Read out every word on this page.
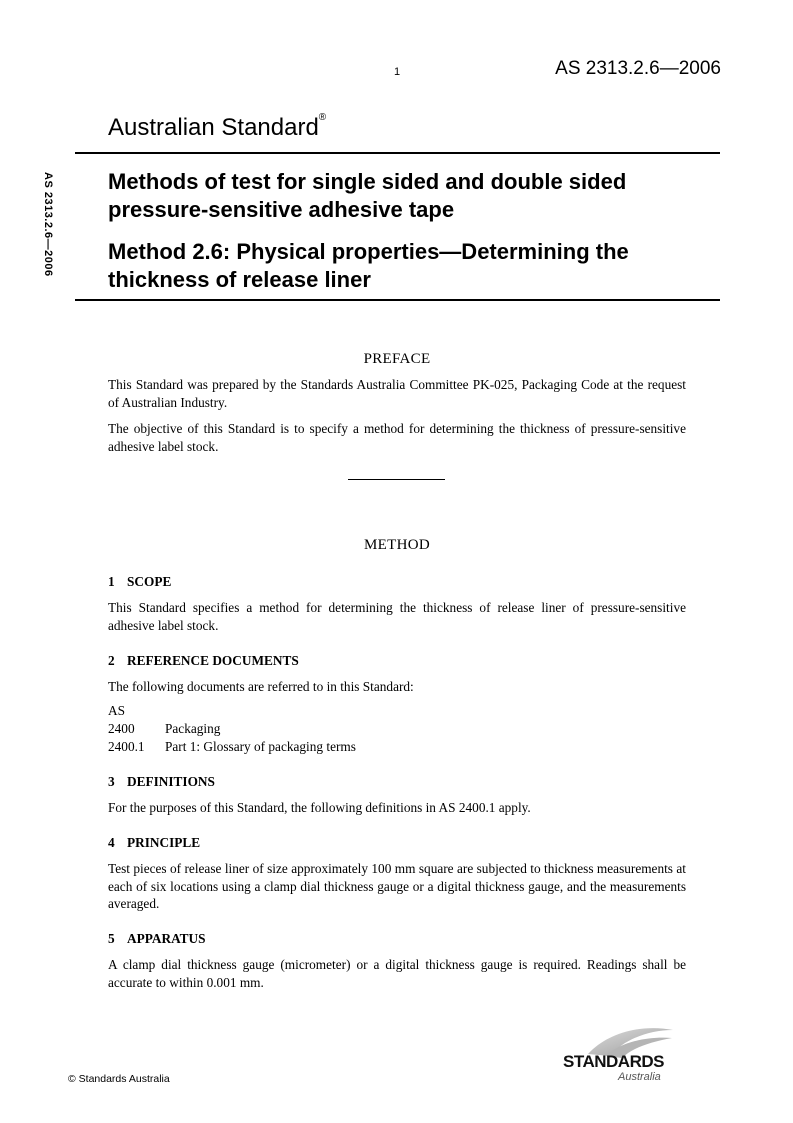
1	AS 2313.2.6—2006
Australian Standard®
AS 2313.2.6—2006 Methods of test for single sided and double sided pressure-sensitive adhesive tape
Method 2.6: Physical properties—Determining the thickness of release liner
PREFACE
This Standard was prepared by the Standards Australia Committee PK-025, Packaging Code at the request of Australian Industry.
The objective of this Standard is to specify a method for determining the thickness of pressure-sensitive adhesive label stock.
METHOD
1 SCOPE
This Standard specifies a method for determining the thickness of release liner of pressure-sensitive adhesive label stock.
2 REFERENCE DOCUMENTS
The following documents are referred to in this Standard:
AS
2400 Packaging
2400.1 Part 1: Glossary of packaging terms
3 DEFINITIONS
For the purposes of this Standard, the following definitions in AS 2400.1 apply.
4 PRINCIPLE
Test pieces of release liner of size approximately 100 mm square are subjected to thickness measurements at each of six locations using a clamp dial thickness gauge or a digital thickness gauge, and the measurements averaged.
5 APPARATUS
A clamp dial thickness gauge (micrometer) or a digital thickness gauge is required. Readings shall be accurate to within 0.001 mm.
© Standards Australia
STANDARDS
Australia
